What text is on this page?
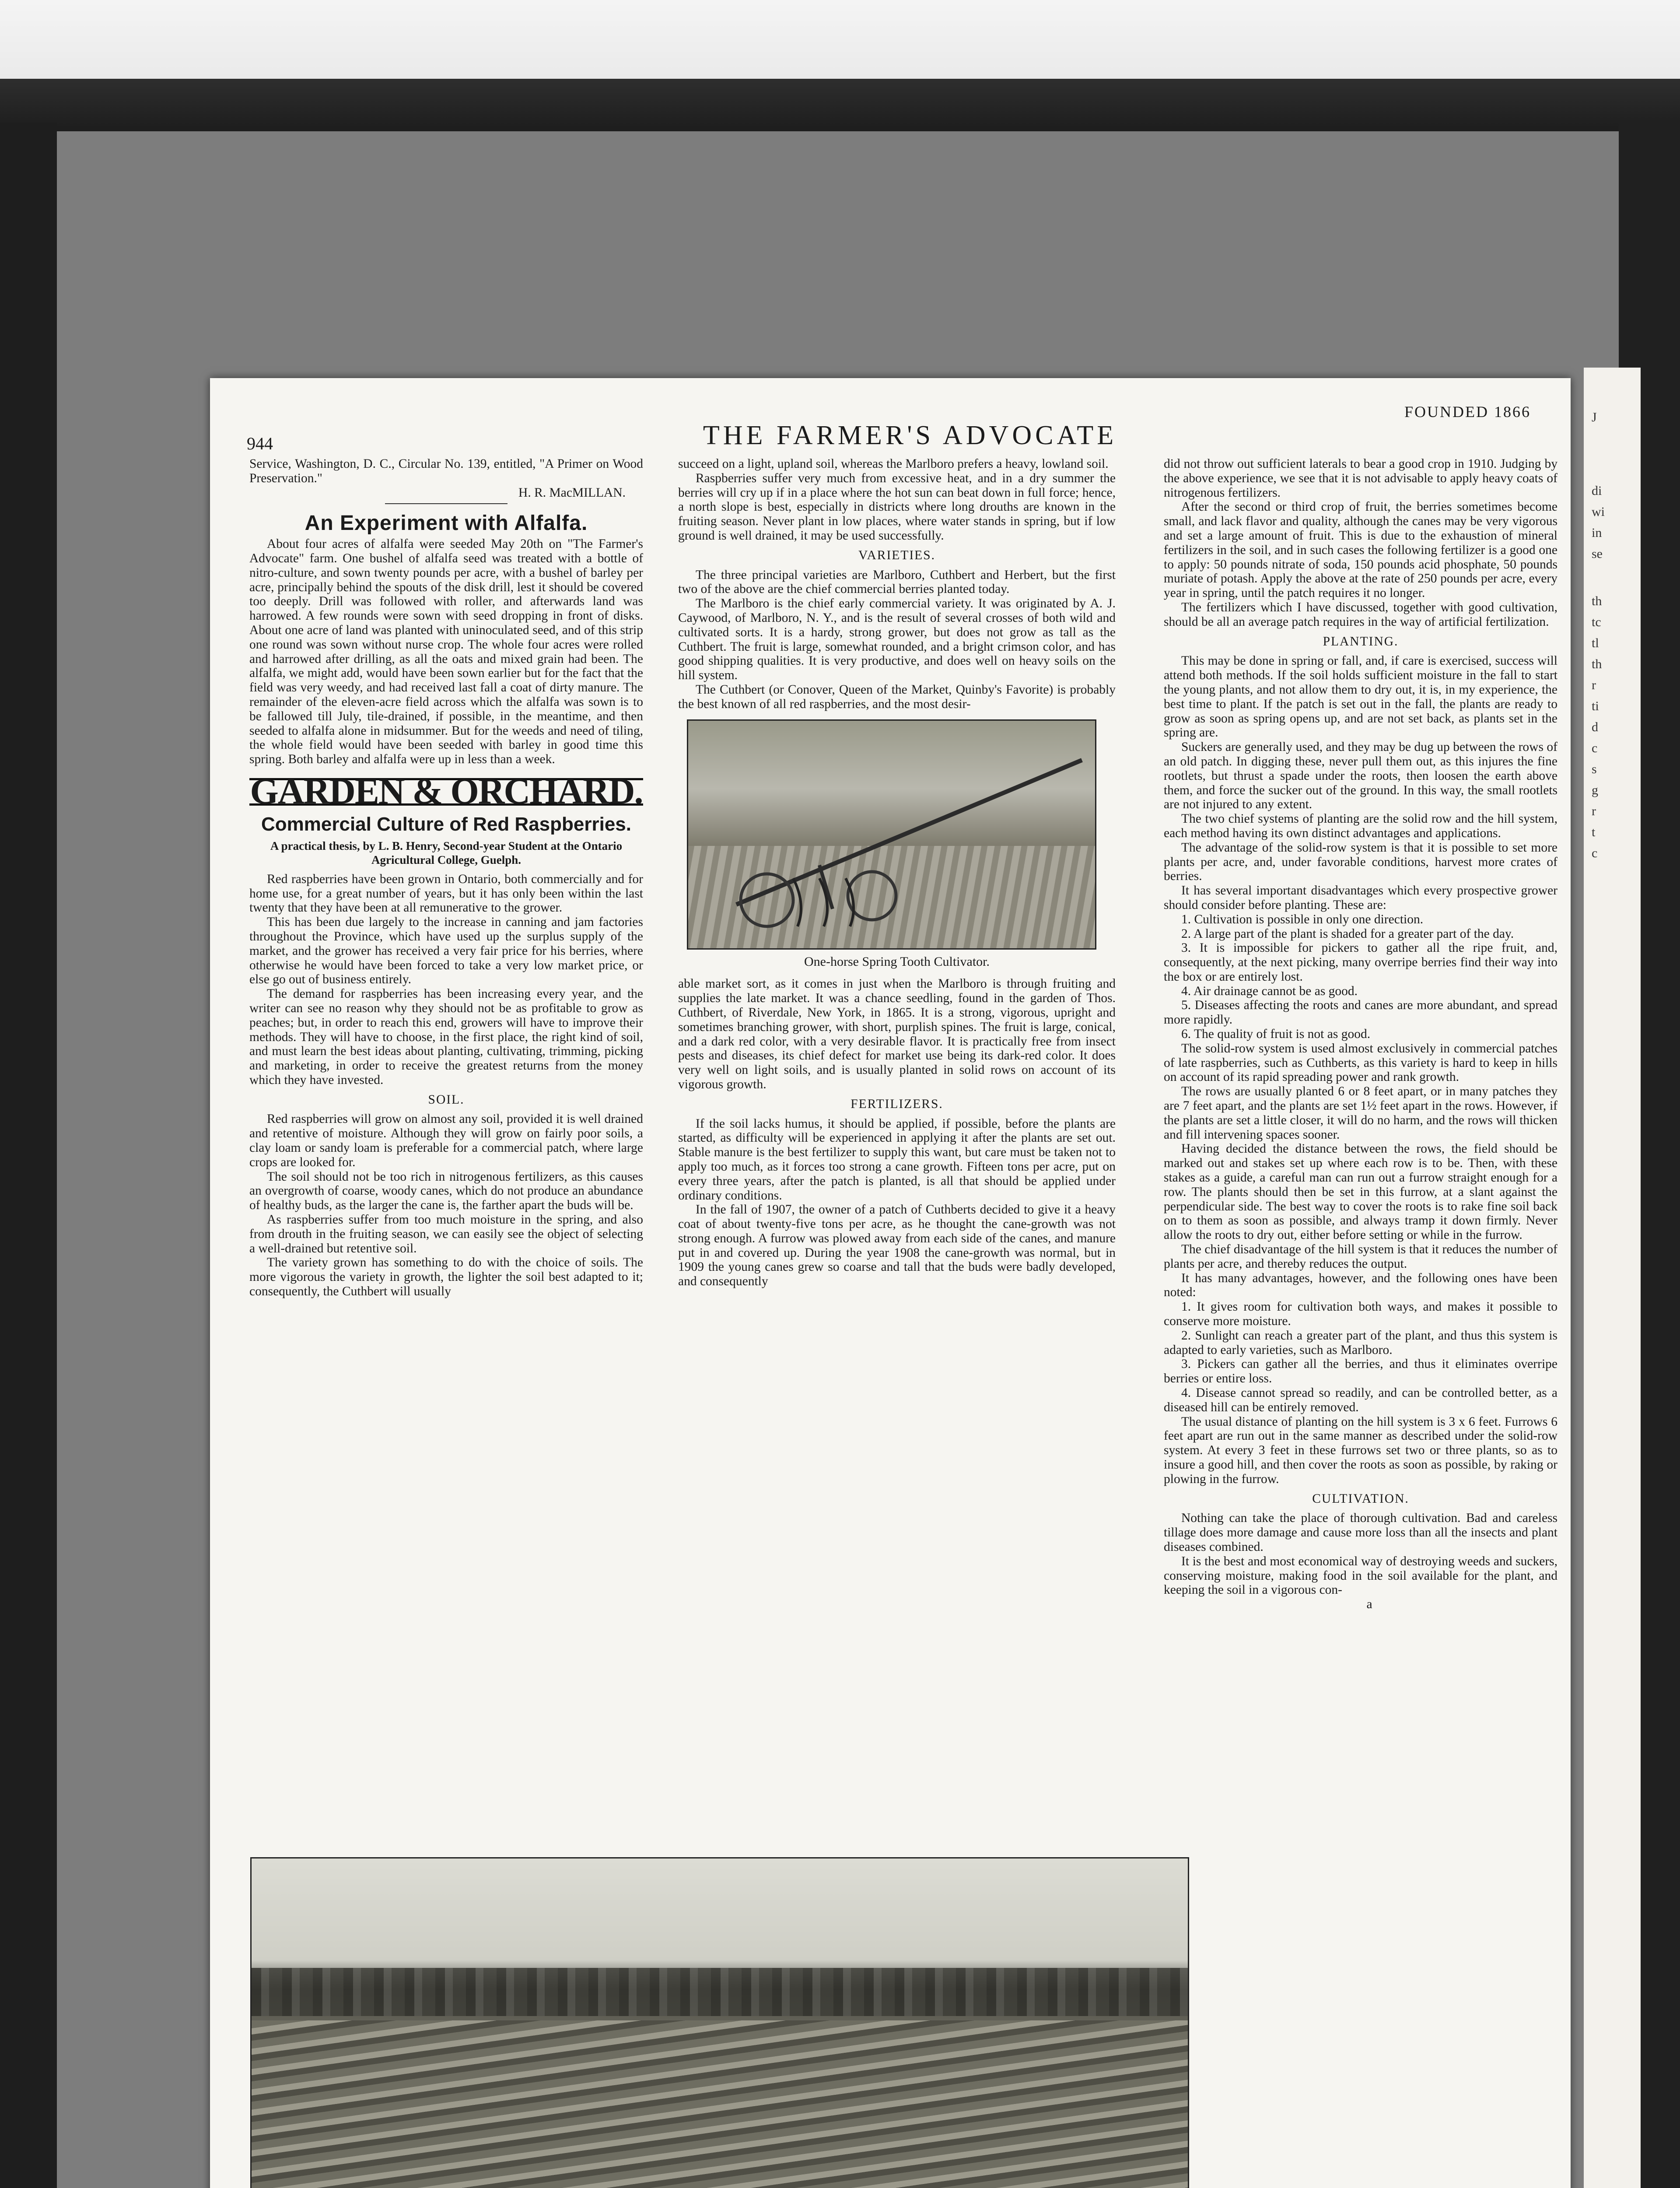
J
di
wi
in
se
th
tc
tl
th
r
ti
d
c
s
g
r
t
c
944	THE FARMER'S ADVOCATE
FOUNDED 1866

Service, Washington, D. C., Circular No. 139, entitled, "A Primer on Wood Preservation."

H. R. MacMILLAN.

An Experiment with Alfalfa.

About four acres of alfalfa were seeded May 20th on "The Farmer's Advocate" farm. One bushel of alfalfa seed was treated with a bottle of nitro-culture, and sown twenty pounds per acre, with a bushel of barley per acre, principally behind the spouts of the disk drill, lest it should be covered too deeply. Drill was followed with roller, and afterwards land was harrowed. A few rounds were sown with seed dropping in front of disks. About one acre of land was planted with uninoculated seed, and of this strip one round was sown without nurse crop. The whole four acres were rolled and harrowed after drilling, as all the oats and mixed grain had been. The alfalfa, we might add, would have been sown earlier but for the fact that the field was very weedy, and had received last fall a coat of dirty manure. The remainder of the eleven-acre field across which the alfalfa was sown is to be fallowed till July, tile-drained, if possible, in the meantime, and then seeded to alfalfa alone in midsummer. But for the weeds and need of tiling, the whole field would have been seeded with barley in good time this spring. Both barley and alfalfa were up in less than a week.

GARDEN & ORCHARD.
Commercial Culture of Red Raspberries.
A practical thesis, by L. B. Henry, Second-year Student at the Ontario Agricultural College, Guelph.

Red raspberries have been grown in Ontario, both commercially and for home use, for a great number of years, but it has only been within the last twenty that they have been at all remunerative to the grower.

This has been due largely to the increase in canning and jam factories throughout the Province, which have used up the surplus supply of the market, and the grower has received a very fair price for his berries, where otherwise he would have been forced to take a very low market price, or else go out of business entirely.

The demand for raspberries has been increasing every year, and the writer can see no reason why they should not be as profitable to grow as peaches; but, in order to reach this end, growers will have to improve their methods. They will have to choose, in the first place, the right kind of soil, and must learn the best ideas about planting, cultivating, trimming, picking and marketing, in order to receive the greatest returns from the money which they have invested.

SOIL.

Red raspberries will grow on almost any soil, provided it is well drained and retentive of moisture. Although they will grow on fairly poor soils, a clay loam or sandy loam is preferable for a commercial patch, where large crops are looked for.

The soil should not be too rich in nitrogenous fertilizers, as this causes an overgrowth of coarse, woody canes, which do not produce an abundance of healthy buds, as the larger the cane is, the farther apart the buds will be.

As raspberries suffer from too much moisture in the spring, and also from drouth in the fruiting season, we can easily see the object of selecting a well-drained but retentive soil.

The variety grown has something to do with the choice of soils. The more vigorous the variety in growth, the lighter the soil best adapted to it; consequently, the Cuthbert will usually

succeed on a light, upland soil, whereas the Marlboro prefers a heavy, lowland soil.

Raspberries suffer very much from excessive heat, and in a dry summer the berries will cry up if in a place where the hot sun can beat down in full force; hence, a north slope is best, especially in districts where long drouths are known in the fruiting season. Never plant in low places, where water stands in spring, but if low ground is well drained, it may be used successfully.

VARIETIES.

The three principal varieties are Marlboro, Cuthbert and Herbert, but the first two of the above are the chief commercial berries planted today.

The Marlboro is the chief early commercial variety. It was originated by A. J. Caywood, of Marlboro, N. Y., and is the result of several crosses of both wild and cultivated sorts. It is a hardy, strong grower, but does not grow as tall as the Cuthbert. The fruit is large, somewhat rounded, and a bright crimson color, and has good shipping qualities. It is very productive, and does well on heavy soils on the hill system.

The Cuthbert (or Conover, Queen of the Market, Quinby's Favorite) is probably the best known of all red raspberries, and the most desir-

One-horse Spring Tooth Cultivator.

able market sort, as it comes in just when the Marlboro is through fruiting and supplies the late market. It was a chance seedling, found in the garden of Thos. Cuthbert, of Riverdale, New York, in 1865. It is a strong, vigorous, upright and sometimes branching grower, with short, purplish spines. The fruit is large, conical, and a dark red color, with a very desirable flavor. It is practically free from insect pests and diseases, its chief defect for market use being its dark-red color. It does very well on light soils, and is usually planted in solid rows on account of its vigorous growth.

FERTILIZERS.

If the soil lacks humus, it should be applied, if possible, before the plants are started, as difficulty will be experienced in applying it after the plants are set out. Stable manure is the best fertilizer to supply this want, but care must be taken not to apply too much, as it forces too strong a cane growth. Fifteen tons per acre, put on every three years, after the patch is planted, is all that should be applied under ordinary conditions.

In the fall of 1907, the owner of a patch of Cuthberts decided to give it a heavy coat of about twenty-five tons per acre, as he thought the cane-growth was not strong enough. A furrow was plowed away from each side of the canes, and manure put in and covered up. During the year 1908 the cane-growth was normal, but in 1909 the young canes grew so coarse and tall that the buds were badly developed, and consequently

did not throw out sufficient laterals to bear a good crop in 1910. Judging by the above experience, we see that it is not advisable to apply heavy coats of nitrogenous fertilizers.

After the second or third crop of fruit, the berries sometimes become small, and lack flavor and quality, although the canes may be very vigorous and set a large amount of fruit. This is due to the exhaustion of mineral fertilizers in the soil, and in such cases the following fertilizer is a good one to apply: 50 pounds nitrate of soda, 150 pounds acid phosphate, 50 pounds muriate of potash. Apply the above at the rate of 250 pounds per acre, every year in spring, until the patch requires it no longer.

The fertilizers which I have discussed, together with good cultivation, should be all an average patch requires in the way of artificial fertilization.

PLANTING.

This may be done in spring or fall, and, if care is exercised, success will attend both methods. If the soil holds sufficient moisture in the fall to start the young plants, and not allow them to dry out, it is, in my experience, the best time to plant. If the patch is set out in the fall, the plants are ready to grow as soon as spring opens up, and are not set back, as plants set in the spring are.

Suckers are generally used, and they may be dug up between the rows of an old patch. In digging these, never pull them out, as this injures the fine rootlets, but thrust a spade under the roots, then loosen the earth above them, and force the sucker out of the ground. In this way, the small rootlets are not injured to any extent.

The two chief systems of planting are the solid row and the hill system, each method having its own distinct advantages and applications.

The advantage of the solid-row system is that it is possible to set more plants per acre, and, under favorable conditions, harvest more crates of berries.

It has several important disadvantages which every prospective grower should consider before planting. These are:

1. Cultivation is possible in only one direction.

2. A large part of the plant is shaded for a greater part of the day.

3. It is impossible for pickers to gather all the ripe fruit, and, consequently, at the next picking, many overripe berries find their way into the box or are entirely lost.

4. Air drainage cannot be as good.

5. Diseases affecting the roots and canes are more abundant, and spread more rapidly.

6. The quality of fruit is not as good.

The solid-row system is used almost exclusively in commercial patches of late raspberries, such as Cuthberts, as this variety is hard to keep in hills on account of its rapid spreading power and rank growth.

The rows are usually planted 6 or 8 feet apart, or in many patches they are 7 feet apart, and the plants are set 1½ feet apart in the rows. However, if the plants are set a little closer, it will do no harm, and the rows will thicken and fill intervening spaces sooner.

Having decided the distance between the rows, the field should be marked out and stakes set up where each row is to be. Then, with these stakes as a guide, a careful man can run out a furrow straight enough for a row. The plants should then be set in this furrow, at a slant against the perpendicular side. The best way to cover the roots is to rake fine soil back on to them as soon as possible, and always tramp it down firmly. Never allow the roots to dry out, either before setting or while in the furrow.

The chief disadvantage of the hill system is that it reduces the number of plants per acre, and thereby reduces the output.

It has many advantages, however, and the following ones have been noted:

1. It gives room for cultivation both ways, and makes it possible to conserve more moisture.

2. Sunlight can reach a greater part of the plant, and thus this system is adapted to early varieties, such as Marlboro.

3. Pickers can gather all the berries, and thus it eliminates overripe berries or entire loss.

4. Disease cannot spread so readily, and can be controlled better, as a diseased hill can be entirely removed.

The usual distance of planting on the hill system is 3 x 6 feet. Furrows 6 feet apart are run out in the same manner as described under the solid-row system. At every 3 feet in these furrows set two or three plants, so as to insure a good hill, and then cover the roots as soon as possible, by raking or plowing in the furrow.

CULTIVATION.

Nothing can take the place of thorough cultivation. Bad and careless tillage does more damage and cause more loss than all the insects and plant diseases combined.

It is the best and most economical way of destroying weeds and suckers, conserving moisture, making food in the soil available for the plant, and keeping the soil in a vigorous con-

a
